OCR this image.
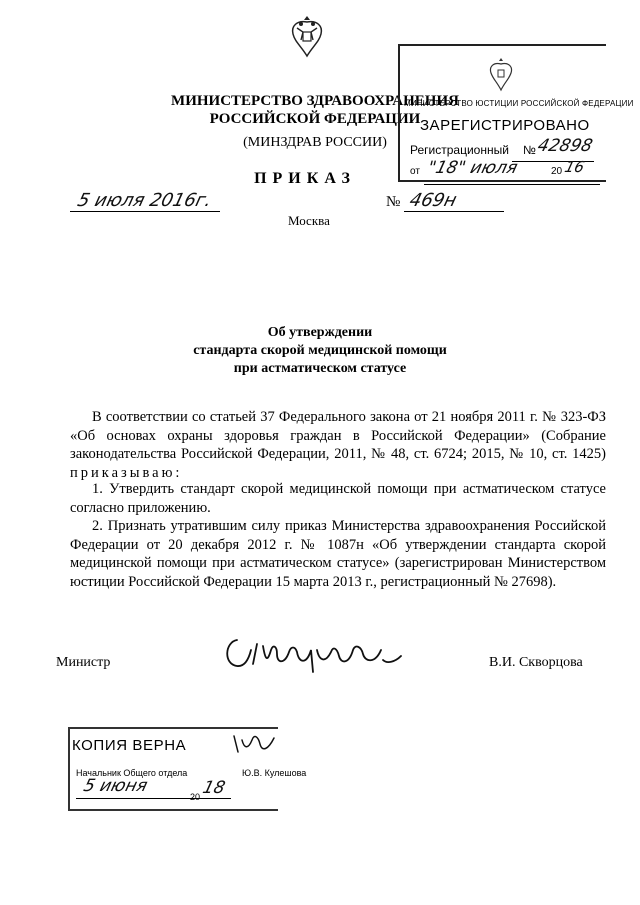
МИНИСТЕРСТВО ЗДРАВООХРАНЕНИЯ
РОССИЙСКОЙ ФЕДЕРАЦИИ
(МИНЗДРАВ РОССИИ)
ПРИКАЗ
5 июля 2016г.	№ 469н
Москва
МИНИСТЕРСТВО ЮСТИЦИИ РОССИЙСКОЙ ФЕДЕРАЦИИ
ЗАРЕГИСТРИРОВАНО
Регистрационный № 42898
от "18" июля	20 16
Об утверждении
стандарта скорой медицинской помощи
при астматическом статусе

В соответствии со статьей 37 Федерального закона от 21 ноября 2011 г. № 323-ФЗ «Об основах охраны здоровья граждан в Российской Федерации» (Собрание законодательства Российской Федерации, 2011, № 48, ст. 6724; 2015, № 10, ст. 1425) приказываю:

1. Утвердить стандарт скорой медицинской помощи при астматическом статусе согласно приложению.

2. Признать утратившим силу приказ Министерства здравоохранения Российской Федерации от 20 декабря 2012 г. № 1087н «Об утверждении стандарта скорой медицинской помощи при астматическом статусе» (зарегистрирован Министерством юстиции Российской Федерации 15 марта 2013 г., регистрационный № 27698).

Министр	В.И. Скворцова
КОПИЯ ВЕРНА
Начальник Общего отдела	Ю.В. Кулешова
5 июня
20 18
